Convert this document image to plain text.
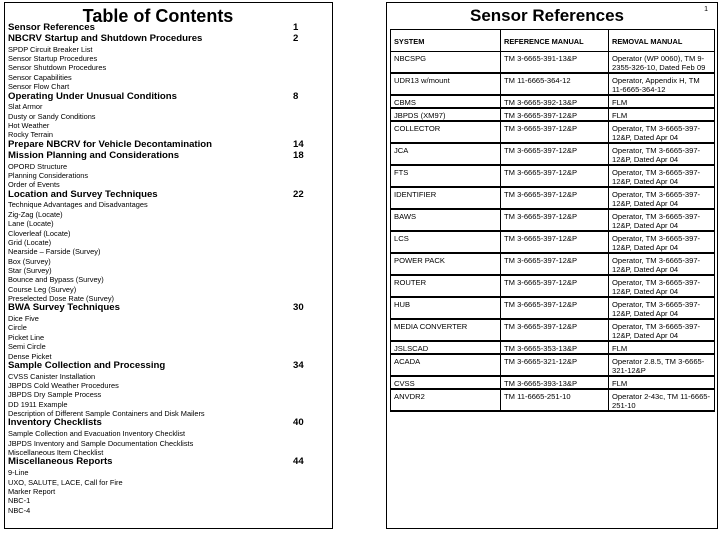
Table of Contents
Sensor References	1
NBCRV Startup and Shutdown Procedures	2
SPDP Circuit Breaker List
Sensor Startup Procedures
Sensor Shutdown Procedures
Sensor Capabilities
Sensor Flow Chart
Operating Under Unusual Conditions	8
Slat Armor
Dusty or Sandy Conditions
Hot Weather
Rocky Terrain
Prepare NBCRV for Vehicle Decontamination	14
Mission Planning and Considerations	18
OPORD Structure
Planning Considerations
Order of Events
Location and Survey Techniques	22
Technique Advantages and Disadvantages
Zig-Zag (Locate)
Lane (Locate)
Cloverleaf (Locate)
Grid (Locate)
Nearside – Farside (Survey)
Box (Survey)
Star (Survey)
Bounce and Bypass (Survey)
Course Leg (Survey)
Preselected Dose Rate (Survey)
BWA Survey Techniques	30
Dice Five
Circle
Picket Line
Semi Circle
Dense Picket
Sample Collection and Processing	34
CVSS Canister Installation
JBPDS Cold Weather Procedures
JBPDS Dry Sample Process
DD 1911 Example
Description of Different Sample Containers and Disk Mailers
Inventory Checklists	40
Sample Collection and Evacuation Inventory Checklist
JBPDS Inventory and Sample Documentation Checklists
Miscellaneous Item Checklist
Miscellaneous Reports	44
9-Line
UXO, SALUTE, LACE, Call for Fire
Marker Report
NBC-1
NBC-4
1
Sensor References
SYSTEM	REFERENCE MANUAL	REMOVAL MANUAL
NBCSPG	TM 3-6665-391-13&P	Operator (WP 0060), TM 9-2355-326-10, Dated Feb 09
UDR13 w/mount	TM 11-6665-364-12	Operator, Appendix H, TM 11-6665-364-12
CBMS	TM 3-6665-392-13&P	FLM
JBPDS (XM97)	TM 3-6665-397-12&P	FLM
COLLECTOR	TM 3-6665-397-12&P	Operator, TM 3-6665-397-12&P, Dated Apr 04
JCA	TM 3-6665-397-12&P	Operator, TM 3-6665-397-12&P, Dated Apr 04
FTS	TM 3-6665-397-12&P	Operator, TM 3-6665-397-12&P, Dated Apr 04
IDENTIFIER	TM 3-6665-397-12&P	Operator, TM 3-6665-397-12&P, Dated Apr 04
BAWS	TM 3-6665-397-12&P	Operator, TM 3-6665-397-12&P, Dated Apr 04
LCS	TM 3-6665-397-12&P	Operator, TM 3-6665-397-12&P, Dated Apr 04
POWER PACK	TM 3-6665-397-12&P	Operator, TM 3-6665-397-12&P, Dated Apr 04
ROUTER	TM 3-6665-397-12&P	Operator, TM 3-6665-397-12&P, Dated Apr 04
HUB	TM 3-6665-397-12&P	Operator, TM 3-6665-397-12&P, Dated Apr 04
MEDIA CONVERTER	TM 3-6665-397-12&P	Operator, TM 3-6665-397-12&P, Dated Apr 04
JSLSCAD	TM 3-6665-353-13&P	FLM
ACADA	TM 3-6665-321-12&P	Operator 2.8.5, TM 3-6665-321-12&P
CVSS	TM 3-6665-393-13&P	FLM
ANVDR2	TM 11-6665-251-10	Operator 2-43c, TM 11-6665-251-10
